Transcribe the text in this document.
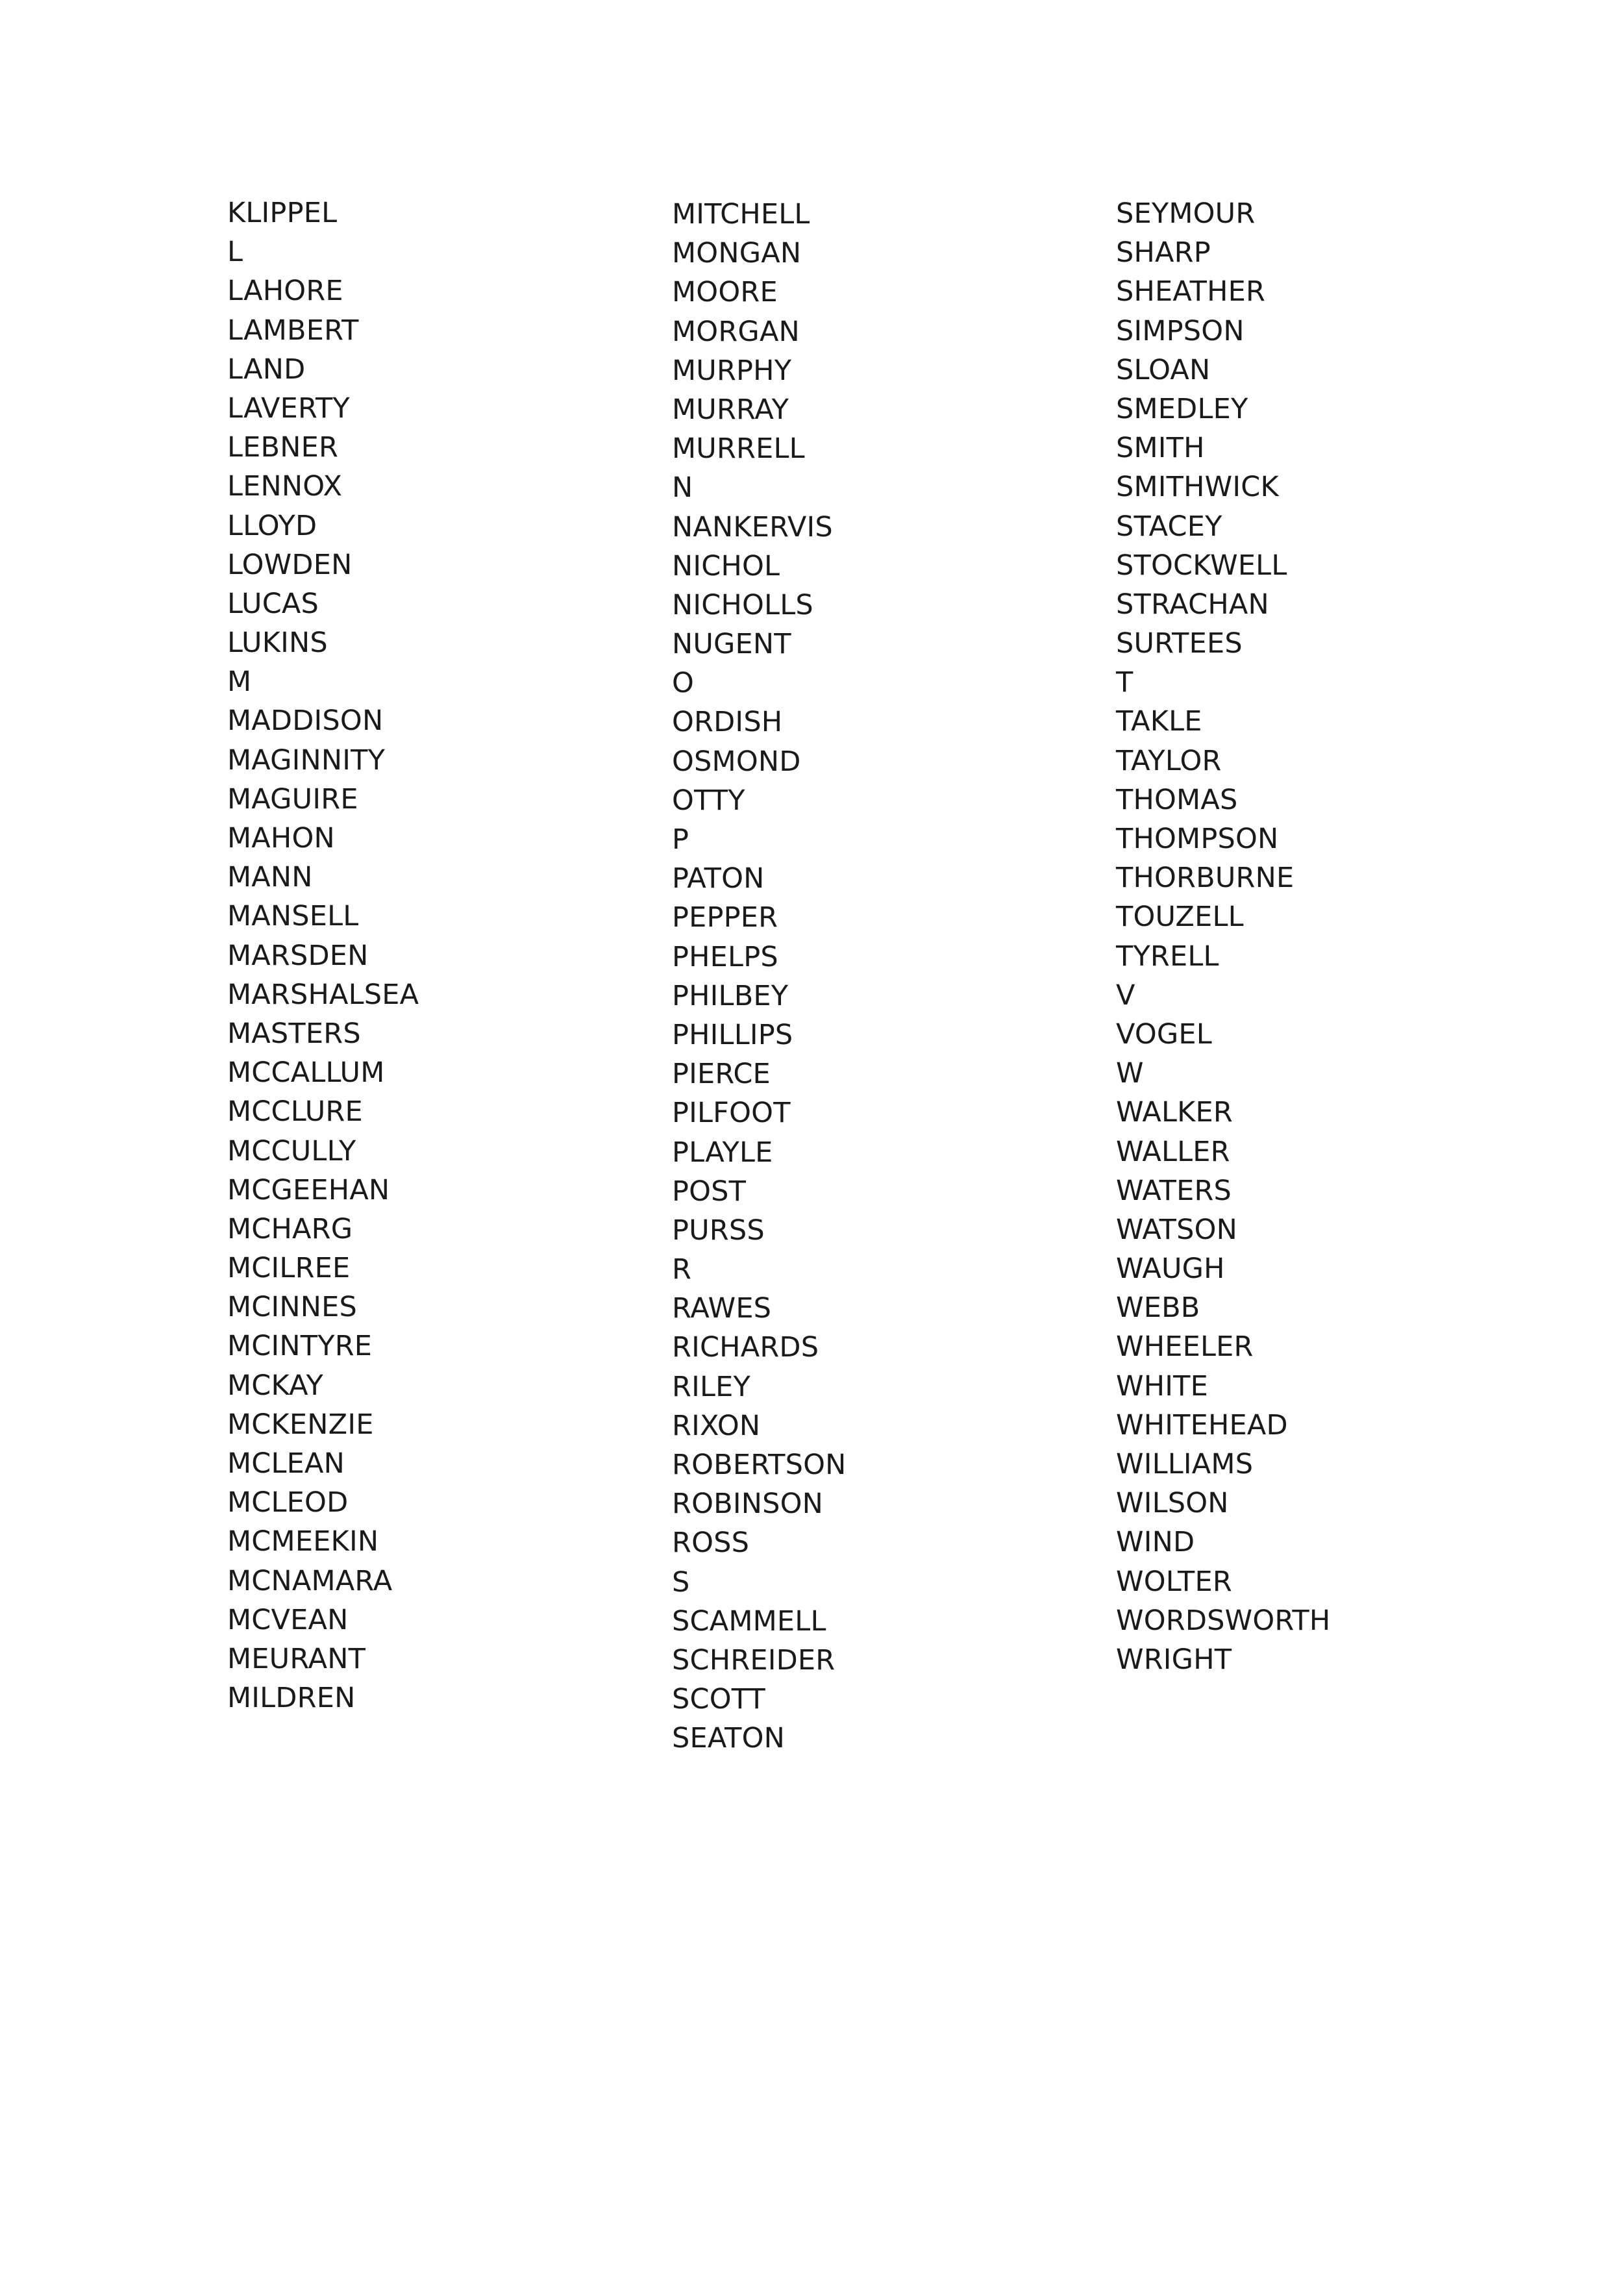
KLIPPEL
L
LAHORE
LAMBERT
LAND
LAVERTY
LEBNER
LENNOX
LLOYD
LOWDEN
LUCAS
LUKINS
M
MADDISON
MAGINNITY
MAGUIRE
MAHON
MANN
MANSELL
MARSDEN
MARSHALSEA
MASTERS
MCCALLUM
MCCLURE
MCCULLY
MCGEEHAN
MCHARG
MCILREE
MCINNES
MCINTYRE
MCKAY
MCKENZIE
MCLEAN
MCLEOD
MCMEEKIN
MCNAMARA
MCVEAN
MEURANT
MILDREN
MITCHELL
MONGAN
MOORE
MORGAN
MURPHY
MURRAY
MURRELL
N
NANKERVIS
NICHOL
NICHOLLS
NUGENT
O
ORDISH
OSMOND
OTTY
P
PATON
PEPPER
PHELPS
PHILBEY
PHILLIPS
PIERCE
PILFOOT
PLAYLE
POST
PURSS
R
RAWES
RICHARDS
RILEY
RIXON
ROBERTSON
ROBINSON
ROSS
S
SCAMMELL
SCHREIDER
SCOTT
SEATON
SEYMOUR
SHARP
SHEATHER
SIMPSON
SLOAN
SMEDLEY
SMITH
SMITHWICK
STACEY
STOCKWELL
STRACHAN
SURTEES
T
TAKLE
TAYLOR
THOMAS
THOMPSON
THORBURNE
TOUZELL
TYRELL
V
VOGEL
W
WALKER
WALLER
WATERS
WATSON
WAUGH
WEBB
WHEELER
WHITE
WHITEHEAD
WILLIAMS
WILSON
WIND
WOLTER
WORDSWORTH
WRIGHT
